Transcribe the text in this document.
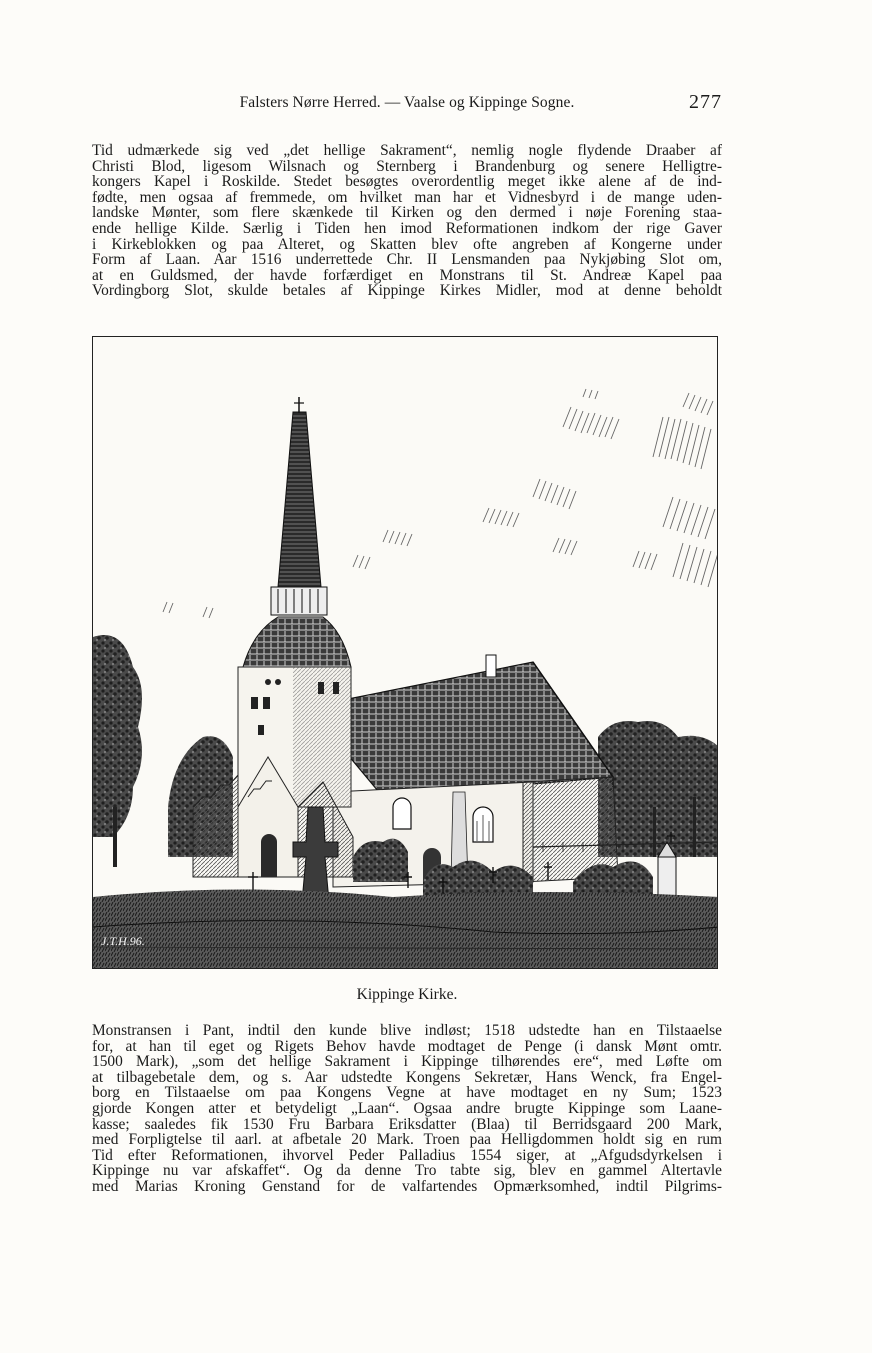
Falsters Nørre Herred. — Vaalse og Kippinge Sogne.	277
Tid udmærkede sig ved „det hellige Sakrament“, nemlig nogle flydende Draaber af
Christi Blod, ligesom Wilsnach og Sternberg i Brandenburg og senere Helligtre-
kongers Kapel i Roskilde. Stedet besøgtes overordentlig meget ikke alene af de ind-
fødte, men ogsaa af fremmede, om hvilket man har et Vidnesbyrd i de mange uden-
landske Mønter, som flere skænkede til Kirken og den dermed i nøje Forening staa-
ende hellige Kilde. Særlig i Tiden hen imod Reformationen indkom der rige Gaver
i Kirkeblokken og paa Alteret, og Skatten blev ofte angreben af Kongerne under
Form af Laan. Aar 1516 underrettede Chr. II Lensmanden paa Nykjøbing Slot om,
at en Guldsmed, der havde forfærdiget en Monstrans til St. Andreæ Kapel paa
Vordingborg Slot, skulde betales af Kippinge Kirkes Midler, mod at denne beholdt
J.T.H.96.
Kippinge Kirke.
Monstransen i Pant, indtil den kunde blive indløst; 1518 udstedte han en Tilstaaelse
for, at han til eget og Rigets Behov havde modtaget de Penge (i dansk Mønt omtr.
1500 Mark), „som det hellige Sakrament i Kippinge tilhørendes ere“, med Løfte om
at tilbagebetale dem, og s. Aar udstedte Kongens Sekretær, Hans Wenck, fra Engel-
borg en Tilstaaelse om paa Kongens Vegne at have modtaget en ny Sum; 1523
gjorde Kongen atter et betydeligt „Laan“. Ogsaa andre brugte Kippinge som Laane-
kasse; saaledes fik 1530 Fru Barbara Eriksdatter (Blaa) til Berridsgaard 200 Mark,
med Forpligtelse til aarl. at afbetale 20 Mark. Troen paa Helligdommen holdt sig en rum
Tid efter Reformationen, ihvorvel Peder Palladius 1554 siger, at „Afgudsdyrkelsen i
Kippinge nu var afskaffet“. Og da denne Tro tabte sig, blev en gammel Altertavle
med Marias Kroning Genstand for de valfartendes Opmærksomhed, indtil Pilgrims-
